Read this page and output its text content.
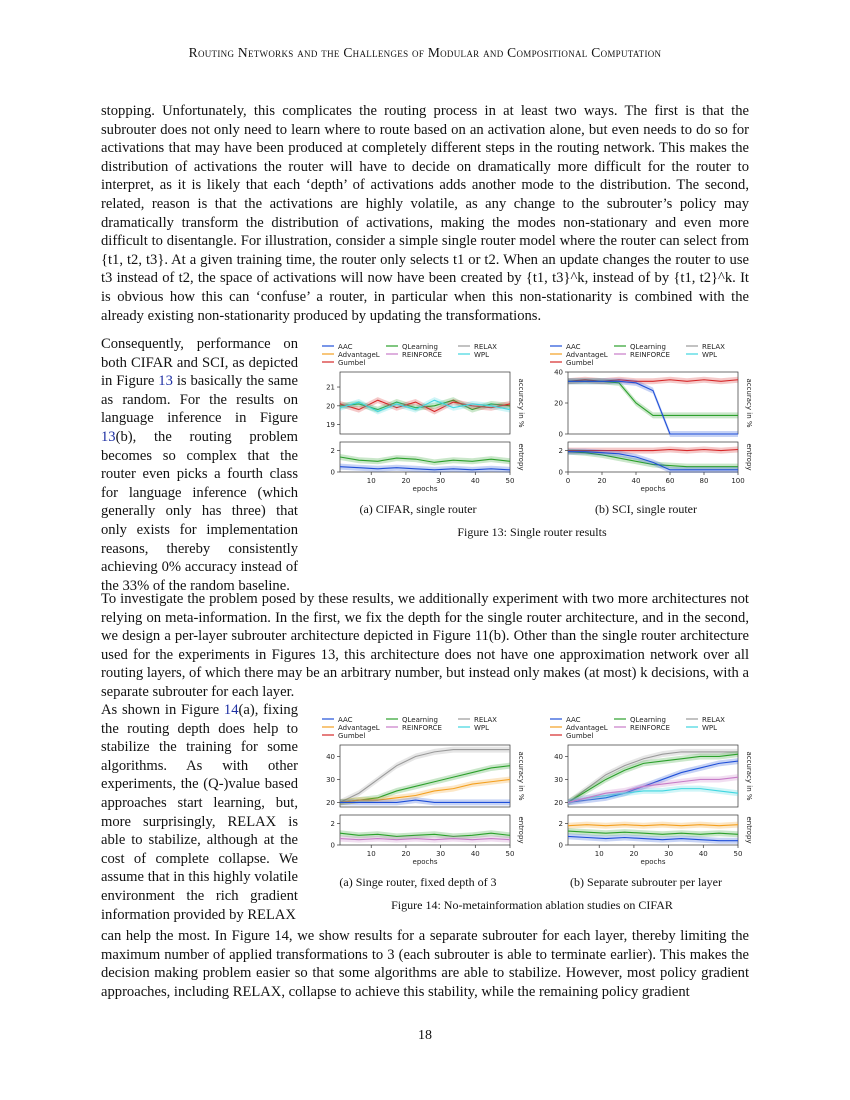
Routing Networks and the Challenges of Modular and Compositional Computation

stopping. Unfortunately, this complicates the routing process in at least two ways. The first is that the subrouter does not only need to learn where to route based on an activation alone, but even needs to do so for activations that may have been produced at completely different steps in the routing network. This makes the distribution of activations the router will have to decide on dramatically more difficult for the router to interpret, as it is likely that each ‘depth’ of activations adds another mode to the distribution. The second, related, reason is that the activations are highly volatile, as any change to the subrouter’s policy may dramatically transform the distribution of activations, making the modes non-stationary and even more difficult to disentangle. For illustration, consider a simple single router model where the router can select from {t1, t2, t3}. At a given training time, the router only selects t1 or t2. When an update changes the router to use t3 instead of t2, the space of activations will now have been created by {t1, t3}^k, instead of by {t1, t2}^k. It is obvious how this can ‘confuse’ a router, in particular when this non-stationarity is combined with the already existing non-stationarity produced by updating the transformations.

Consequently, performance on both CIFAR and SCI, as depicted in Figure 13 is basically the same as random. For the results on language inference in Figure 13(b), the routing problem becomes so complex that the router even picks a fourth class for language inference (which generally only has three) that only exists for implementation reasons, thereby consistently achieving 0% accuracy instead of the 33% of the random baseline.

AAC
AdvantageL
Gumbel
QLearning
REINFORCE
RELAX
WPL
10	20	30	40	50
epochs
19
20
21
0
2
accuracy in %
entropy
AAC
AdvantageL
Gumbel
QLearning
REINFORCE
RELAX
WPL
0	20	40	60	80	100
epochs
0
20
40
0
2
accuracy in %
entropy
(a) CIFAR, single router	(b) SCI, single router
Figure 13: Single router results

To investigate the problem posed by these results, we additionally experiment with two more architectures not relying on meta-information. In the first, we fix the depth for the single router architecture, and in the second, we design a per-layer subrouter architecture depicted in Figure 11(b). Other than the single router architecture used for the experiments in Figures 13, this architecture does not have one approximation network over all routing layers, of which there may be an arbitrary number, but instead only makes (at most) k decisions, with a separate subrouter for each layer.

As shown in Figure 14(a), fixing the routing depth does help to stabilize the training for some algorithms. As with other experiments, the (Q-)value based approaches start learning, but, more surprisingly, RELAX is able to stabilize, although at the cost of complete collapse. We assume that in this highly volatile environment the rich gradient information provided by RELAX

AAC
AdvantageL
Gumbel
QLearning
REINFORCE
RELAX
WPL
10	20	30	40	50
epochs
20
30
40
0
2
accuracy in %
entropy
AAC
AdvantageL
Gumbel
QLearning
REINFORCE
RELAX
WPL
10	20	30	40	50
epochs
20
30
40
0
2
accuracy in %
entropy
(a) Singe router, fixed depth of 3	(b) Separate subrouter per layer
Figure 14: No-metainformation ablation studies on CIFAR

can help the most. In Figure 14, we show results for a separate subrouter for each layer, thereby limiting the maximum number of applied transformations to 3 (each subrouter is able to terminate earlier). This makes the decision making problem easier so that some algorithms are able to stabilize. However, most policy gradient approaches, including RELAX, collapse to achieve this stability, while the remaining policy gradient

18
